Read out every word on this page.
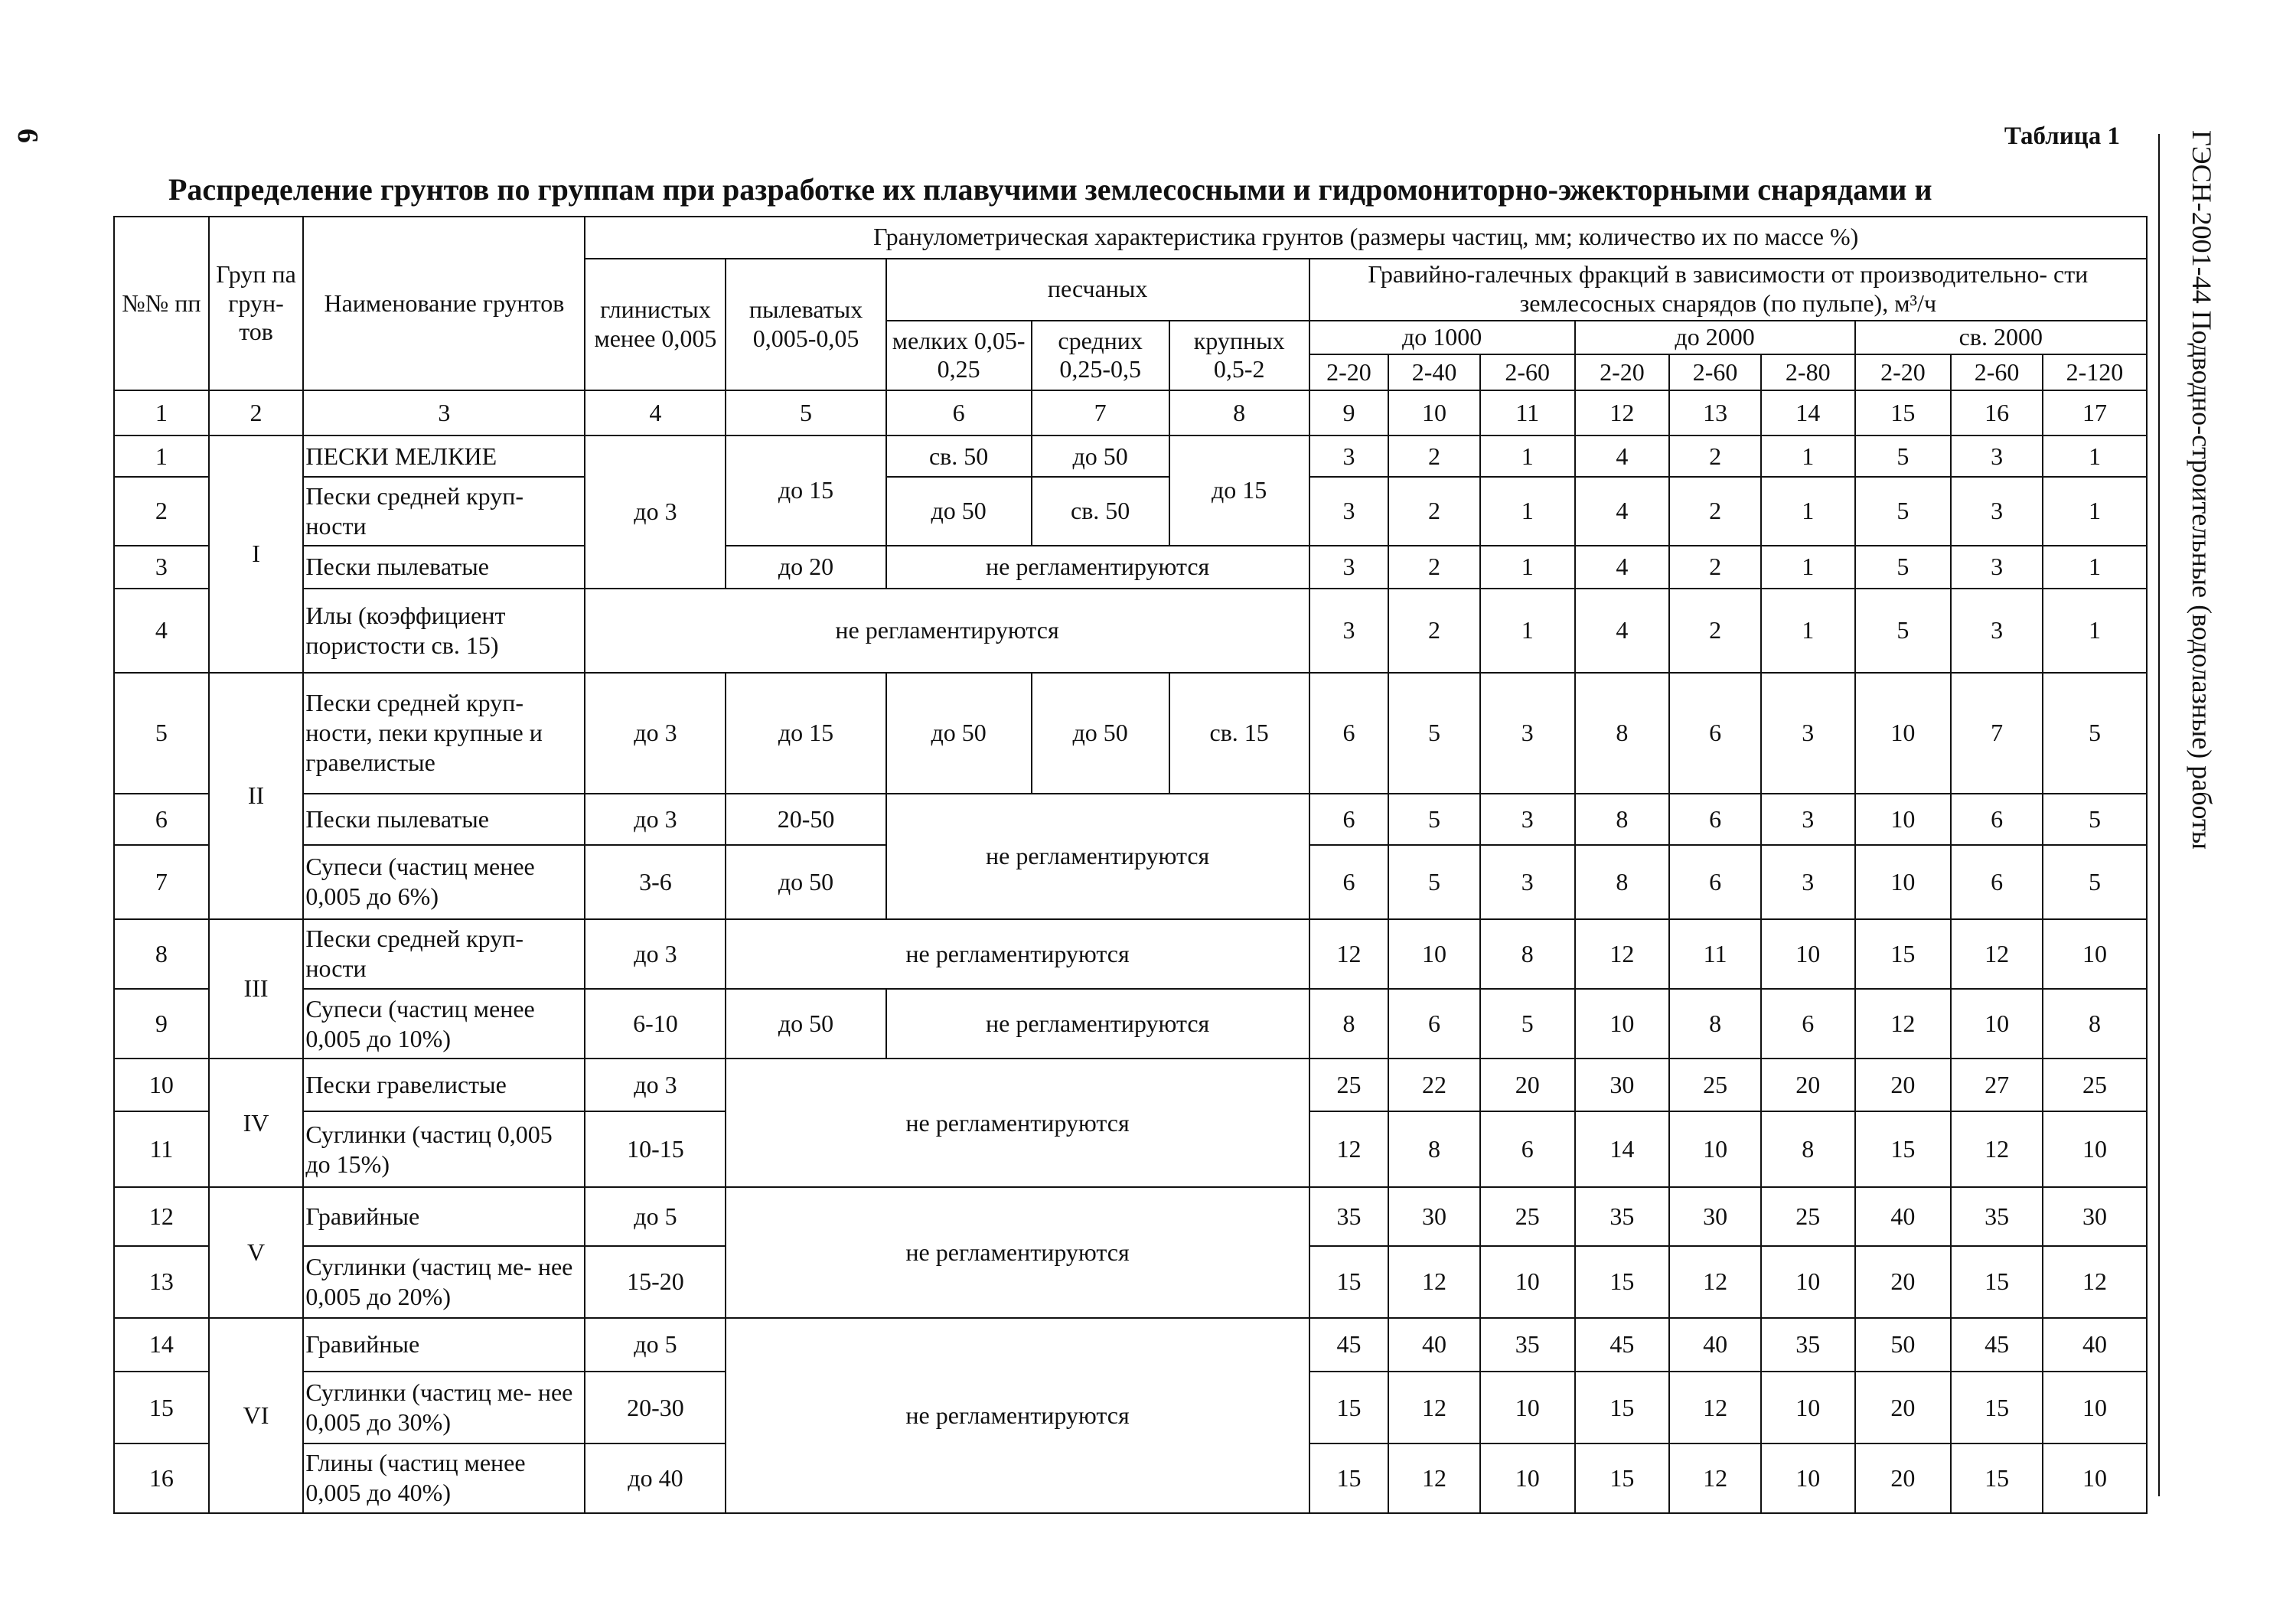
6	ГЭСН-2001-44 Подводно-строительные (водолазные) работы
Таблица 1
Распределение грунтов по группам при разработке их плавучими землесосными и гидромониторно-эжекторными снарядами и
№№ пп	Груп па грун- тов	Наименование грунтов	Гранулометрическая характеристика грунтов (размеры частиц, мм; количество их по массе %)													
			глинистых менее 0,005	пылеватых 0,005-0,05	песчаных			Гравийно-галечных фракций в зависимости от производительно- сти землесосных снарядов (по пульпе), м³/ч								
					мелких 0,05-0,25	средних 0,25-0,5	крупных 0,5-2	до 1000			до 2000			св. 2000		
								2-20	2-40	2-60	2-20	2-60	2-80	2-20	2-60	2-120
1	2	3	4	5	6	7	8	9	10	11	12	13	14	15	16	17
1	I	ПЕСКИ МЕЛКИЕ	до 3	до 15	св. 50	до 50	до 15	3	2	1	4	2	1	5	3	1
2		Пески средней круп- ности			до 50	св. 50		3	2	1	4	2	1	5	3	1
3		Пески пылеватые		до 20	не регламентируются			3	2	1	4	2	1	5	3	1
4		Илы (коэффициент пористости св. 15)	не регламентируются					3	2	1	4	2	1	5	3	1
5	II	Пески средней круп- ности, пеки крупные и гравелистые	до 3	до 15	до 50	до 50	св. 15	6	5	3	8	6	3	10	7	5
6		Пески пылеватые	до 3	20-50	не регламентируются			6	5	3	8	6	3	10	6	5
7		Супеси (частиц менее 0,005 до 6%)	3-6	до 50				6	5	3	8	6	3	10	6	5
8	III	Пески средней круп- ности	до 3	не регламентируются				12	10	8	12	11	10	15	12	10
9		Супеси (частиц менее 0,005 до 10%)	6-10	до 50	не регламентируются			8	6	5	10	8	6	12	10	8
10	IV	Пески гравелистые	до 3	не регламентируются				25	22	20	30	25	20	20	27	25
11		Суглинки (частиц 0,005 до 15%)	10-15					12	8	6	14	10	8	15	12	10
12	V	Гравийные	до 5	не регламентируются				35	30	25	35	30	25	40	35	30
13		Суглинки (частиц ме- нее 0,005 до 20%)	15-20					15	12	10	15	12	10	20	15	12
14	VI	Гравийные	до 5	не регламентируются				45	40	35	45	40	35	50	45	40
15		Суглинки (частиц ме- нее 0,005 до 30%)	20-30					15	12	10	15	12	10	20	15	10
16		Глины (частиц менее 0,005 до 40%)	до 40					15	12	10	15	12	10	20	15	10
